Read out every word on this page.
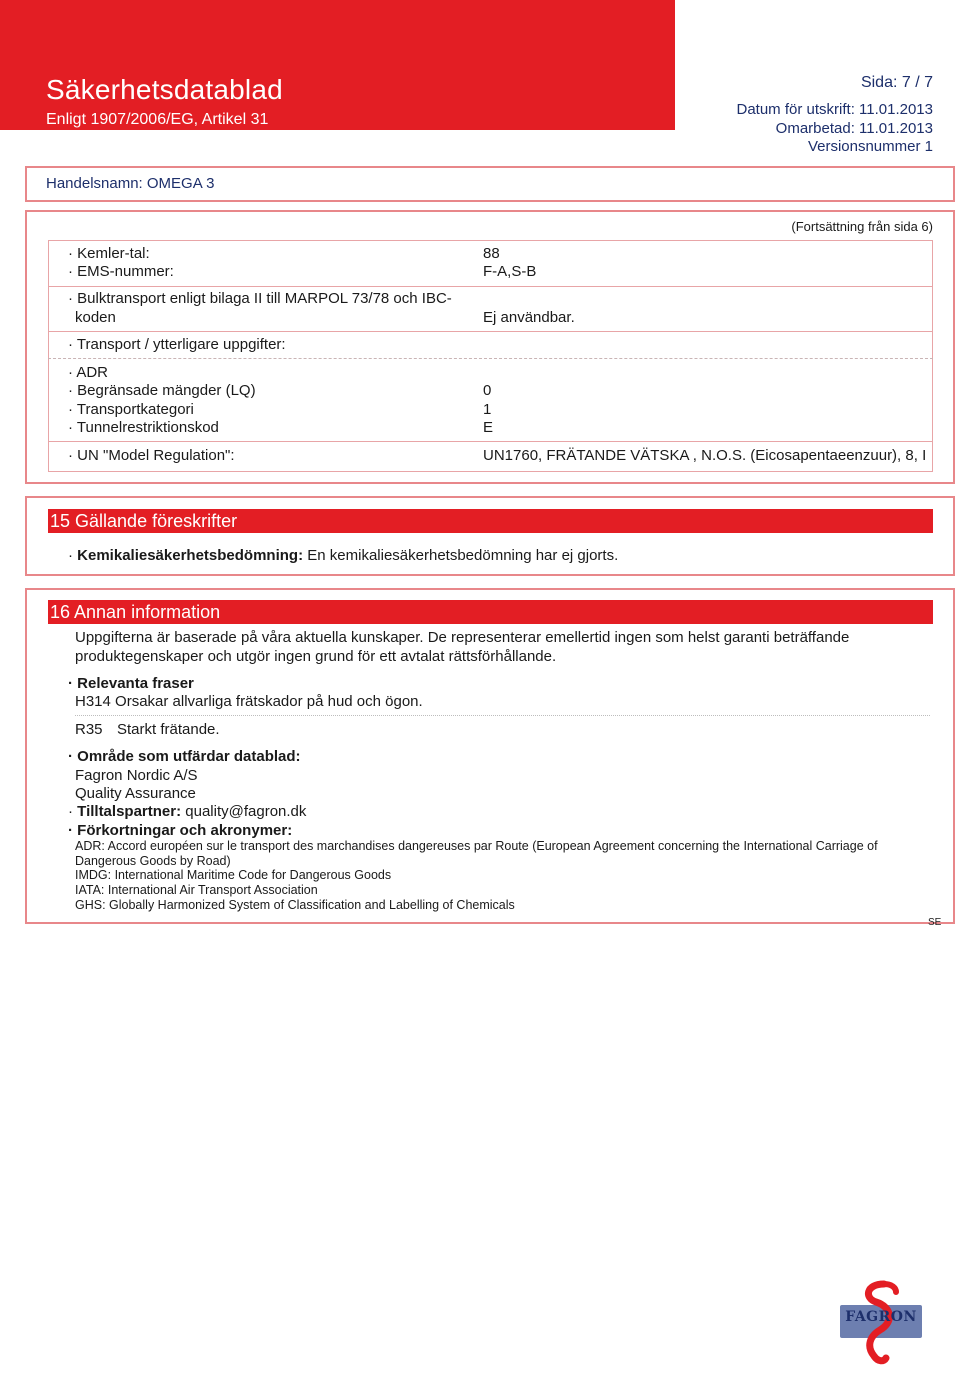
Säkerhetsdatablad
Enligt 1907/2006/EG, Artikel 31
Sida: 7 / 7
Datum för utskrift: 11.01.2013
Omarbetad: 11.01.2013
Versionsnummer 1
Handelsnamn: OMEGA 3
(Fortsättning från sida 6)
· Kemler-tal:	88
· EMS-nummer:	F-A,S-B
· Bulktransport enligt bilaga II till MARPOL 73/78 och IBC-
koden	Ej användbar.
· Transport / ytterligare uppgifter:
· ADR
· Begränsade mängder (LQ)	0
· Transportkategori	1
· Tunnelrestriktionskod	E
· UN "Model Regulation":	UN1760, FRÄTANDE VÄTSKA , N.O.S. (Eicosapentaeenzuur), 8, I
15 Gällande föreskrifter
· Kemikaliesäkerhetsbedömning: En kemikaliesäkerhetsbedömning har ej gjorts.
16 Annan information
Uppgifterna är baserade på våra aktuella kunskaper. De representerar emellertid ingen som helst garanti beträffande
produktegenskaper och utgör ingen grund för ett avtalat rättsförhållande.
· Relevanta fraser
H314 Orsakar allvarliga frätskador på hud och ögon.
R35 Starkt frätande.
· Område som utfärdar datablad:
Fagron Nordic A/S
Quality Assurance
· Tilltalspartner: quality@fagron.dk
· Förkortningar och akronymer:
ADR: Accord européen sur le transport des marchandises dangereuses par Route (European Agreement concerning the International Carriage of
Dangerous Goods by Road)
IMDG: International Maritime Code for Dangerous Goods
IATA: International Air Transport Association
GHS: Globally Harmonized System of Classification and Labelling of Chemicals
SE
FAGRON
